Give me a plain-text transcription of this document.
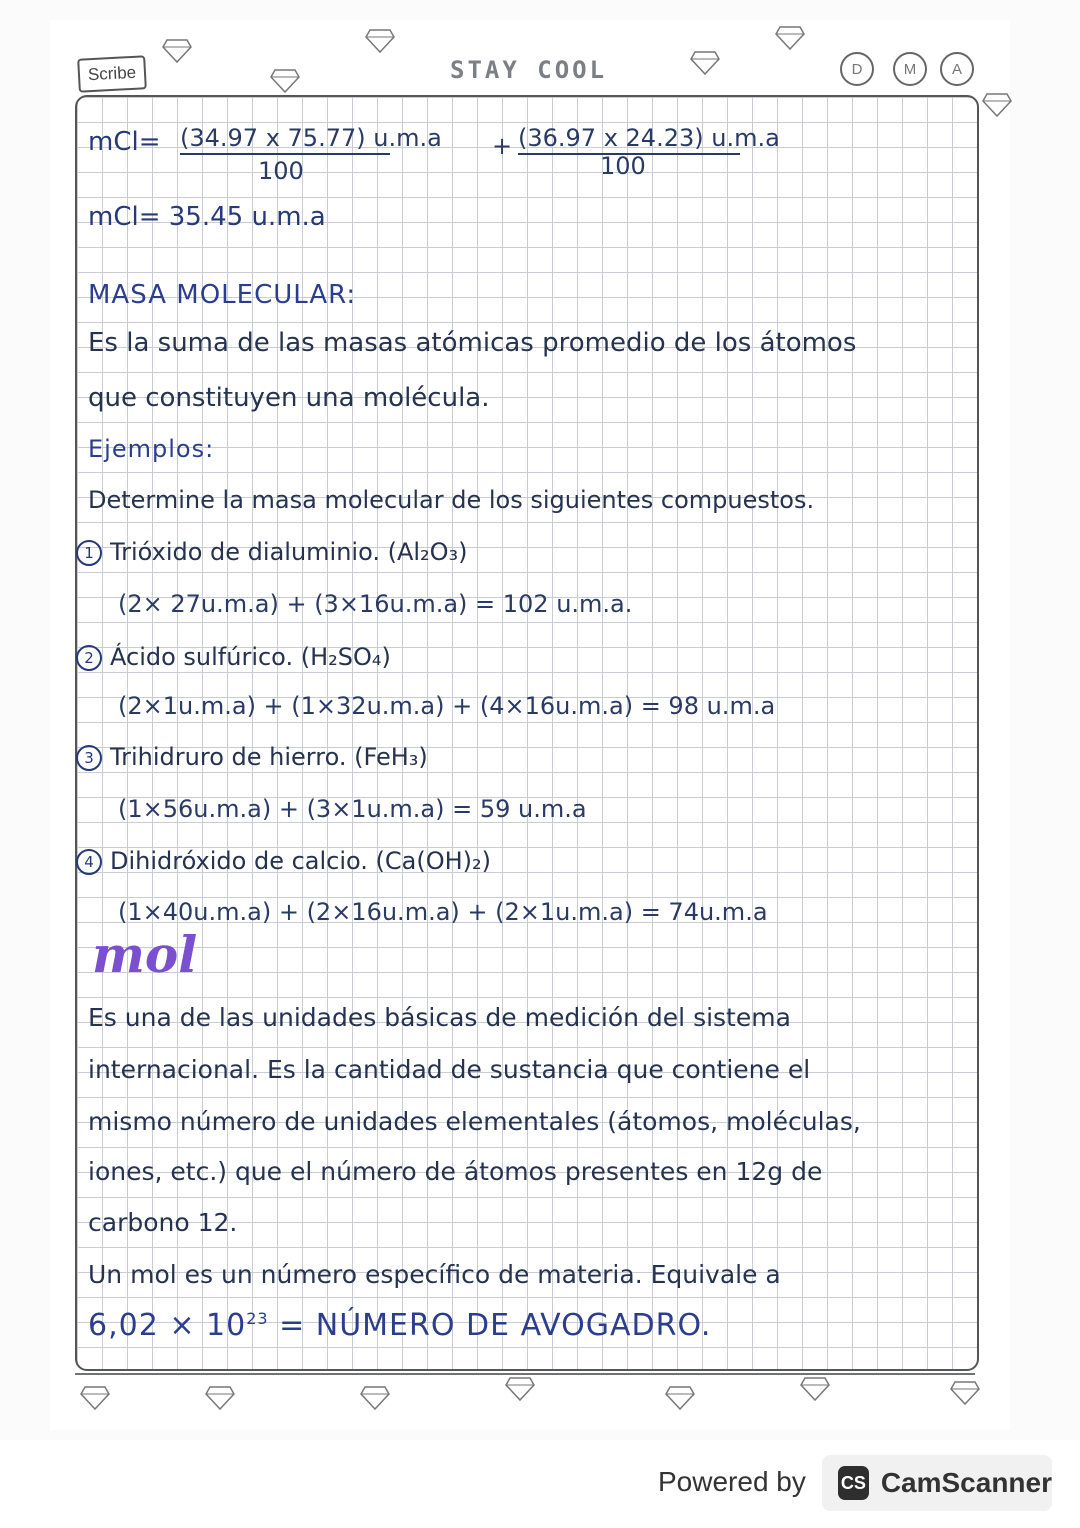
Scribe	STAY COOL	D	M	A
mCl= (34.97 x 75.77) u.m.a
100
+ (36.97 x 24.23) u.m.a
100
mCl= 35.45 u.m.a
MASA MOLECULAR:
Es la suma de las masas atómicas promedio de los átomos
que constituyen una molécula.
Ejemplos:
Determine la masa molecular de los siguientes compuestos.
1 Trióxido de dialuminio. (Al₂O₃)
(2× 27u.m.a) + (3×16u.m.a) = 102 u.m.a.
2 Ácido sulfúrico. (H₂SO₄)
(2×1u.m.a) + (1×32u.m.a) + (4×16u.m.a) = 98 u.m.a
3 Trihidruro de hierro. (FeH₃)
(1×56u.m.a) + (3×1u.m.a) = 59 u.m.a
4 Dihidróxido de calcio. (Ca(OH)₂)
(1×40u.m.a) + (2×16u.m.a) + (2×1u.m.a) = 74u.m.a
mol
Es una de las unidades básicas de medición del sistema
internacional. Es la cantidad de sustancia que contiene el
mismo número de unidades elementales (átomos, moléculas,
iones, etc.) que el número de átomos presentes en 12g de
carbono 12.
Un mol es un número específico de materia. Equivale a
$6,02 \times 10^{23}$ = NÚMERO DE AVOGADRO.
Powered by CS CamScanner
